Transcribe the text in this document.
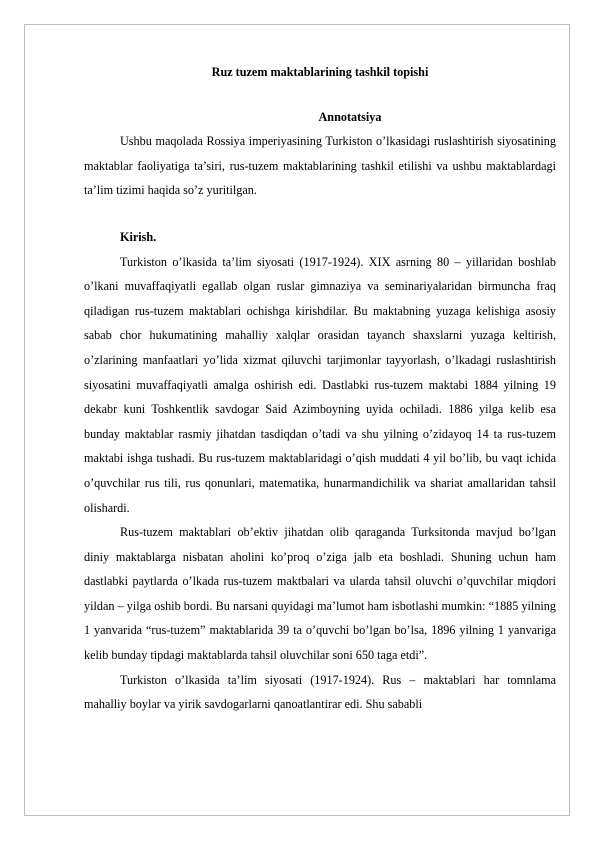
Ruz tuzem maktablarining tashkil topishi

Annotatsiya

Ushbu maqolada Rossiya imperiyasining Turkiston o’lkasidagi ruslashtirish siyosatining maktablar faoliyatiga ta’siri, rus-tuzem maktablarining tashkil etilishi va ushbu maktablardagi ta’lim tizimi haqida so’z yuritilgan.

Kirish.

Turkiston o’lkasida ta’lim siyosati (1917-1924). XIX asrning 80 – yillaridan boshlab o’lkani muvaffaqiyatli egallab olgan ruslar gimnaziya va seminariyalaridan birmuncha fraq qiladigan rus-tuzem maktablari ochishga kirishdilar. Bu maktabning yuzaga kelishiga asosiy sabab chor hukumatining mahalliy xalqlar orasidan tayanch shaxslarni yuzaga keltirish, o’zlarining manfaatlari yo’lida xizmat qiluvchi tarjimonlar tayyorlash, o’lkadagi ruslashtirish siyosatini muvaffaqiyatli amalga oshirish edi. Dastlabki rus-tuzem maktabi 1884 yilning 19 dekabr kuni Toshkentlik savdogar Said Azimboyning uyida ochiladi. 1886 yilga kelib esa bunday maktablar rasmiy jihatdan tasdiqdan o’tadi va shu yilning o’zidayoq 14 ta rus-tuzem maktabi ishga tushadi. Bu rus-tuzem maktablaridagi o’qish muddati 4 yil bo’lib, bu vaqt ichida o’quvchilar rus tili, rus qonunlari, matematika, hunarmandichilik va shariat amallaridan tahsil olishardi.

Rus-tuzem maktablari ob’ektiv jihatdan olib qaraganda Turksitonda mavjud bo’lgan diniy maktablarga nisbatan aholini ko’proq o’ziga jalb eta boshladi. Shuning uchun ham dastlabki paytlarda o’lkada rus-tuzem maktbalari va ularda tahsil oluvchi o’quvchilar miqdori yildan – yilga oshib bordi. Bu narsani quyidagi ma’lumot ham isbotlashi mumkin: “1885 yilning 1 yanvarida “rus-tuzem” maktablarida 39 ta o’quvchi bo’lgan bo’lsa, 1896 yilning 1 yanvariga kelib bunday tipdagi maktablarda tahsil oluvchilar soni 650 taga etdi”.

Turkiston o’lkasida ta’lim siyosati (1917-1924). Rus – maktablari har tomnlama mahalliy boylar va yirik savdogarlarni qanoatlantirar edi. Shu sababli
